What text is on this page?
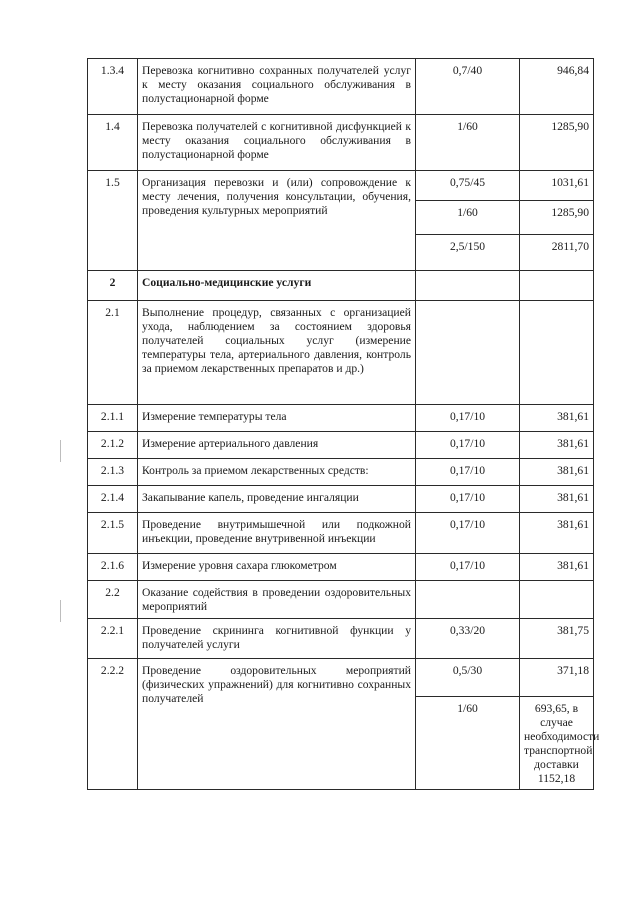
1.3.4	Перевозка когнитивно сохранных получателей услуг к месту оказания социального обслуживания в полустационарной форме	0,7/40	946,84
1.4	Перевозка получателей с когнитивной дисфункцией к месту оказания социального обслуживания в полустационарной форме	1/60	1285,90
1.5	Организация перевозки и (или) сопровождение к месту лечения, получения консультации, обучения, проведения культурных мероприятий	0,75/45	1031,61
		1/60	1285,90
		2,5/150	2811,70
2	Социально-медицинские услуги		
2.1	Выполнение процедур, связанных с организацией ухода, наблюдением за состоянием здоровья получателей социальных услуг (измерение температуры тела, артериального давления, контроль за приемом лекарственных препаратов и др.)		
2.1.1	Измерение температуры тела	0,17/10	381,61
2.1.2	Измерение артериального давления	0,17/10	381,61
2.1.3	Контроль за приемом лекарственных средств:	0,17/10	381,61
2.1.4	Закапывание капель, проведение ингаляции	0,17/10	381,61
2.1.5	Проведение внутримышечной или подкожной инъекции, проведение внутривенной инъекции	0,17/10	381,61
2.1.6	Измерение уровня сахара глюкометром	0,17/10	381,61
2.2	Оказание содействия в проведении оздоровительных мероприятий		
2.2.1	Проведение скрининга когнитивной функции у получателей услуги	0,33/20	381,75
2.2.2	Проведение оздоровительных мероприятий (физических упражнений) для когнитивно сохранных получателей	0,5/30	371,18
		1/60	693,65, в случае необходимости транспортной доставки 1152,18
